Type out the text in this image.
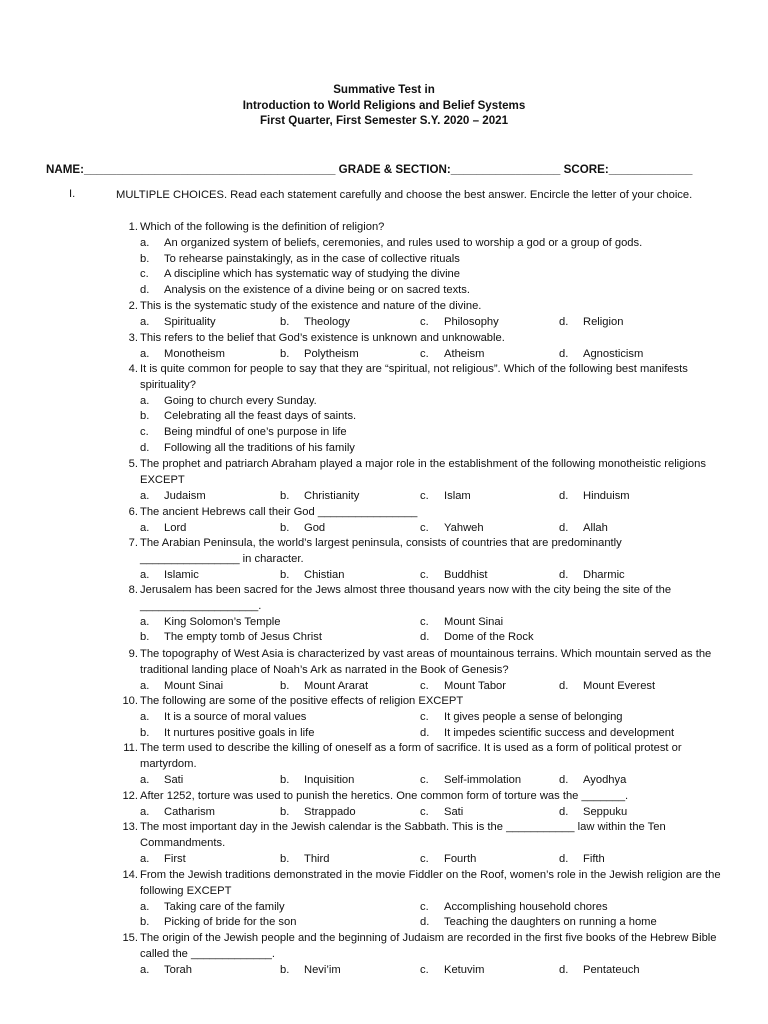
Summative Test in
Introduction to World Religions and Belief Systems
First Quarter, First Semester S.Y. 2020 – 2021
NAME:_______________________________________ GRADE & SECTION:_________________ SCORE:_____________
I.	MULTIPLE CHOICES. Read each statement carefully and choose the best answer. Encircle the letter of your choice.
1. Which of the following is the definition of religion?
a. An organized system of beliefs, ceremonies, and rules used to worship a god or a group of gods.
b. To rehearse painstakingly, as in the case of collective rituals
c. A discipline which has systematic way of studying the divine
d. Analysis on the existence of a divine being or on sacred texts.
2. This is the systematic study of the existence and nature of the divine.
a. Spirituality	b. Theology	c. Philosophy	d. Religion
3. This refers to the belief that God’s existence is unknown and unknowable.
a. Monotheism	b. Polytheism	c. Atheism	d. Agnosticism
4. It is quite common for people to say that they are “spiritual, not religious”. Which of the following best manifests spirituality?
a. Going to church every Sunday.
b. Celebrating all the feast days of saints.
c. Being mindful of one’s purpose in life
d. Following all the traditions of his family
5. The prophet and patriarch Abraham played a major role in the establishment of the following monotheistic religions EXCEPT
a. Judaism	b. Christianity	c. Islam	d. Hinduism
6. The ancient Hebrews call their God ________________
a. Lord	b. God	c. Yahweh	d. Allah
7. The Arabian Peninsula, the world’s largest peninsula, consists of countries that are predominantly ________________ in character.
a. Islamic	b. Chistian	c. Buddhist	d. Dharmic
8. Jerusalem has been sacred for the Jews almost three thousand years now with the city being the site of the ___________________.
a. King Solomon’s Temple	c. Mount Sinai
b. The empty tomb of Jesus Christ	d. Dome of the Rock
9. The topography of West Asia is characterized by vast areas of mountainous terrains. Which mountain served as the traditional landing place of Noah’s Ark as narrated in the Book of Genesis?
a. Mount Sinai	b. Mount Ararat	c. Mount Tabor	d. Mount Everest
10. The following are some of the positive effects of religion EXCEPT
a. It is a source of moral values	c. It gives people a sense of belonging
b. It nurtures positive goals in life	d. It impedes scientific success and development
11. The term used to describe the killing of oneself as a form of sacrifice. It is used as a form of political protest or martyrdom.
a. Sati	b. Inquisition	c. Self-immolation	d. Ayodhya
12. After 1252, torture was used to punish the heretics. One common form of torture was the _______.
a. Catharism	b. Strappado	c. Sati	d. Seppuku
13. The most important day in the Jewish calendar is the Sabbath. This is the ___________ law within the Ten Commandments.
a. First	b. Third	c. Fourth	d. Fifth
14. From the Jewish traditions demonstrated in the movie Fiddler on the Roof, women’s role in the Jewish religion are the following EXCEPT
a. Taking care of the family	c. Accomplishing household chores
b. Picking of bride for the son	d. Teaching the daughters on running a home
15. The origin of the Jewish people and the beginning of Judaism are recorded in the first five books of the Hebrew Bible called the _____________.
a. Torah	b. Nevi’im	c. Ketuvim	d. Pentateuch
